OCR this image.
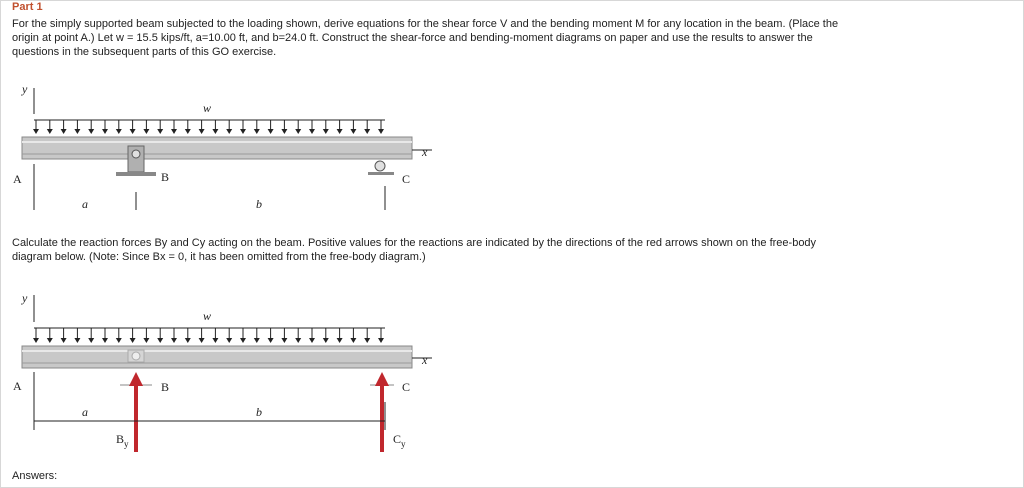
Part 1
For the simply supported beam subjected to the loading shown, derive equations for the shear force V and the bending moment M for any location in the beam. (Place the
origin at point A.) Let w = 15.5 kips/ft, a=10.00 ft, and b=24.0 ft. Construct the shear-force and bending-moment diagrams on paper and use the results to answer the
questions in the subsequent parts of this GO exercise.
y
w
x
B	C
A
a	b
Calculate the reaction forces By and Cy acting on the beam. Positive values for the reactions are indicated by the directions of the red arrows shown on the free-body
diagram below. (Note: Since Bx = 0, it has been omitted from the free-body diagram.)
y
w
x
A	B	C
a	b
$B_y$	$C_y$
Answers:
